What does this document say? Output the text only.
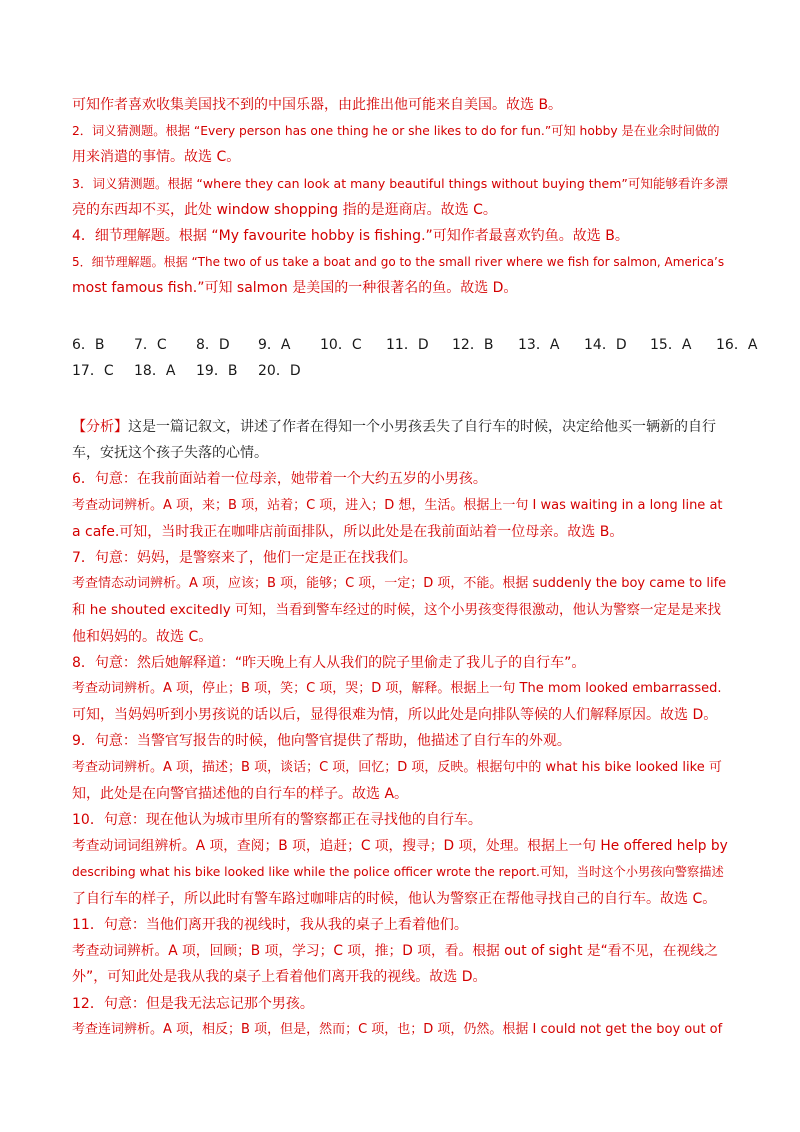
可知作者喜欢收集美国找不到的中国乐器，由此推出他可能来自美国。故选 B。
2．词义猜测题。根据 “Every person has one thing he or she likes to do for fun.”可知 hobby 是在业余时间做的
用来消遣的事情。故选 C。
3．词义猜测题。根据 “where they can look at many beautiful things without buying them”可知能够看许多漂
亮的东西却不买，此处 window shopping 指的是逛商店。故选 C。
4．细节理解题。根据 “My favourite hobby is fishing.”可知作者最喜欢钓鱼。故选 B。
5．细节理解题。根据 “The two of us take a boat and go to the small river where we fish for salmon, America’s
most famous fish.”可知 salmon 是美国的一种很著名的鱼。故选 D。
6．B 7．C 8．D 9．A 10．C 11．D 12．B 13．A 14．D 15．A 16．A
17．C 18．A 19．B 20．D
【分析】这是一篇记叙文，讲述了作者在得知一个小男孩丢失了自行车的时候，决定给他买一辆新的自行
车，安抚这个孩子失落的心情。
6．句意：在我前面站着一位母亲，她带着一个大约五岁的小男孩。
考查动词辨析。A 项，来；B 项，站着；C 项，进入；D 想，生活。根据上一句 I was waiting in a long line at
a cafe.可知，当时我正在咖啡店前面排队，所以此处是在我前面站着一位母亲。故选 B。
7．句意：妈妈，是警察来了，他们一定是正在找我们。
考查情态动词辨析。A 项，应该；B 项，能够；C 项，一定；D 项，不能。根据 suddenly the boy came to life
和 he shouted excitedly 可知，当看到警车经过的时候，这个小男孩变得很激动，他认为警察一定是是来找
他和妈妈的。故选 C。
8．句意：然后她解释道：“昨天晚上有人从我们的院子里偷走了我儿子的自行车”。
考查动词辨析。A 项，停止；B 项，笑；C 项，哭；D 项，解释。根据上一句 The mom looked embarrassed.
可知，当妈妈听到小男孩说的话以后，显得很难为情，所以此处是向排队等候的人们解释原因。故选 D。
9．句意：当警官写报告的时候，他向警官提供了帮助，他描述了自行车的外观。
考查动词辨析。A 项，描述；B 项，谈话；C 项，回忆；D 项，反映。根据句中的 what his bike looked like 可
知，此处是在向警官描述他的自行车的样子。故选 A。
10．句意：现在他认为城市里所有的警察都正在寻找他的自行车。
考查动词词组辨析。A 项，查阅；B 项，追赶；C 项，搜寻；D 项，处理。根据上一句 He offered help by
describing what his bike looked like while the police officer wrote the report.可知，当时这个小男孩向警察描述
了自行车的样子，所以此时有警车路过咖啡店的时候，他认为警察正在帮他寻找自己的自行车。故选 C。
11．句意：当他们离开我的视线时，我从我的桌子上看着他们。
考查动词辨析。A 项，回顾；B 项，学习；C 项，推；D 项，看。根据 out of sight 是“看不见，在视线之
外”，可知此处是我从我的桌子上看着他们离开我的视线。故选 D。
12．句意：但是我无法忘记那个男孩。
考查连词辨析。A 项，相反；B 项，但是，然而；C 项，也；D 项，仍然。根据 I could not get the boy out of
